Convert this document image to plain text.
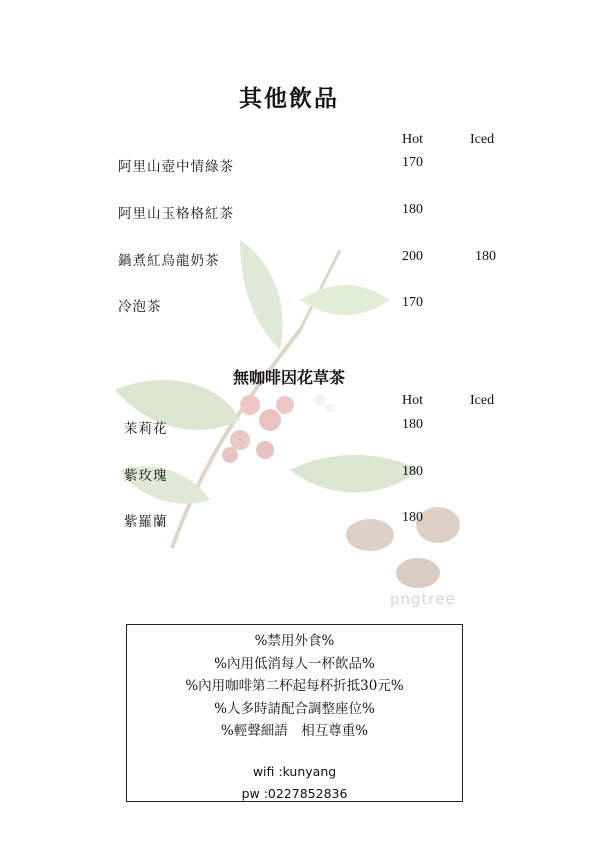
其他飲品
Hot	Iced
阿里山壺中情綠茶	170
阿里山玉格格紅茶	180
鍋煮紅烏龍奶茶	200	180
冷泡茶	170
無咖啡因花草茶
Hot	Iced
茉莉花	180
紫玫瑰	180
紫羅蘭	180
pngtree
%禁用外食%
%內用低消每人一杯飲品%
%內用咖啡第二杯起每杯折抵30元%
%人多時請配合調整座位%
%輕聲細語　相互尊重%
wifi :kunyang
pw :0227852836
